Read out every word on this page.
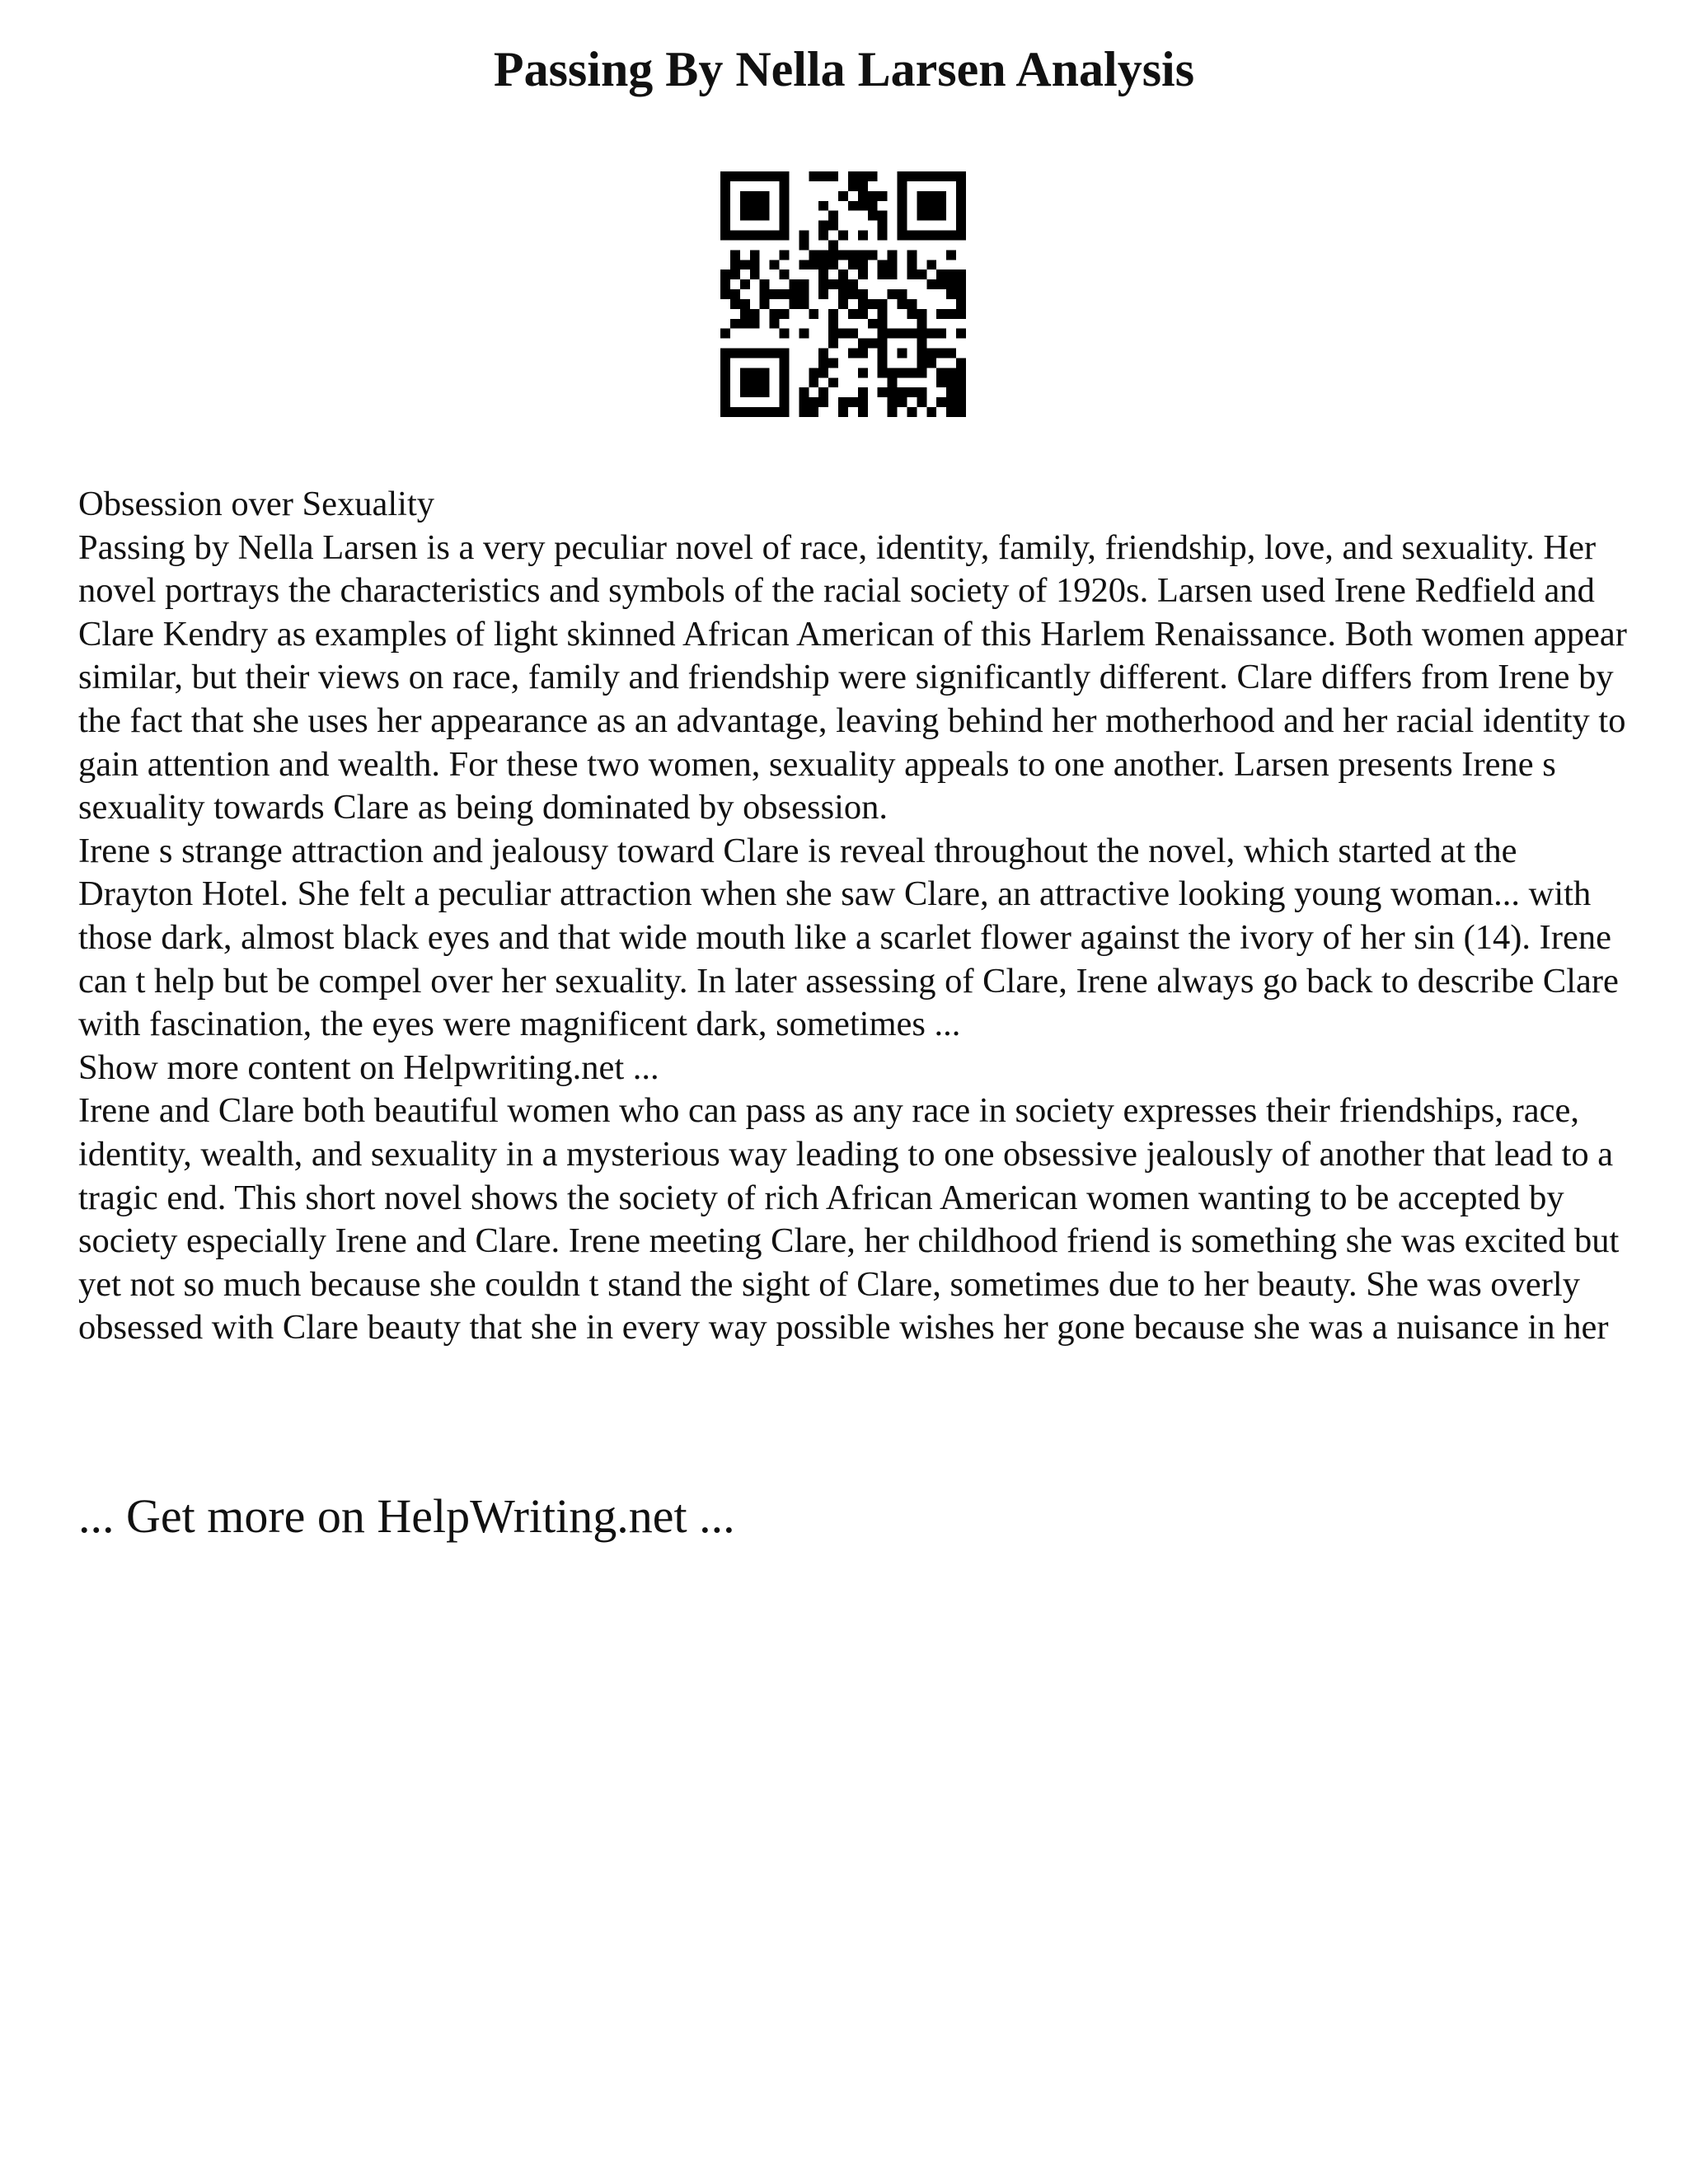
Passing By Nella Larsen Analysis

Obsession over Sexuality

Passing by Nella Larsen is a very peculiar novel of race, identity, family, friendship, love, and sexuality. Her novel portrays the characteristics and symbols of the racial society of 1920s. Larsen used Irene Redfield and Clare Kendry as examples of light skinned African American of this Harlem Renaissance. Both women appear similar, but their views on race, family and friendship were significantly different. Clare differs from Irene by the fact that she uses her appearance as an advantage, leaving behind her motherhood and her racial identity to gain attention and wealth. For these two women, sexuality appeals to one another. Larsen presents Irene s sexuality towards Clare as being dominated by obsession.

Irene s strange attraction and jealousy toward Clare is reveal throughout the novel, which started at the Drayton Hotel. She felt a peculiar attraction when she saw Clare, an attractive looking young woman... with those dark, almost black eyes and that wide mouth like a scarlet flower against the ivory of her sin (14). Irene can t help but be compel over her sexuality. In later assessing of Clare, Irene always go back to describe Clare with fascination, the eyes were magnificent dark, sometimes ...

Show more content on Helpwriting.net ...

Irene and Clare both beautiful women who can pass as any race in society expresses their friendships, race, identity, wealth, and sexuality in a mysterious way leading to one obsessive jealously of another that lead to a tragic end. This short novel shows the society of rich African American women wanting to be accepted by society especially Irene and Clare. Irene meeting Clare, her childhood friend is something she was excited but yet not so much because she couldn t stand the sight of Clare, sometimes due to her beauty. She was overly obsessed with Clare beauty that she in every way possible wishes her gone because she was a nuisance in her

... Get more on HelpWriting.net ...
